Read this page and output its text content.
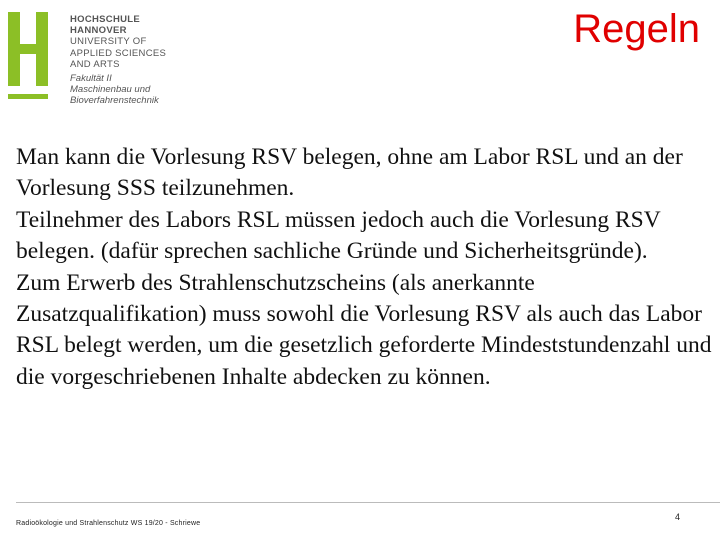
HOCHSCHULE
HANNOVER
UNIVERSITY OF
APPLIED SCIENCES
AND ARTS
Fakultät II
Maschinenbau und
Bioverfahrenstechnik
Regeln

Man kann die Vorlesung RSV belegen, ohne am Labor RSL und an der Vorlesung SSS teilzunehmen.

Teilnehmer des Labors RSL müssen jedoch auch die Vorlesung RSV belegen. (dafür sprechen sachliche Gründe und Sicherheitsgründe).

Zum Erwerb des Strahlenschutzscheins (als anerkannte Zusatzqualifikation) muss sowohl die Vorlesung RSV als auch das Labor RSL belegt werden, um die gesetzlich geforderte Mindeststundenzahl und die vorgeschriebenen Inhalte abdecken zu können.

Radioökologie und Strahlenschutz WS 19/20 - Schriewe
4
